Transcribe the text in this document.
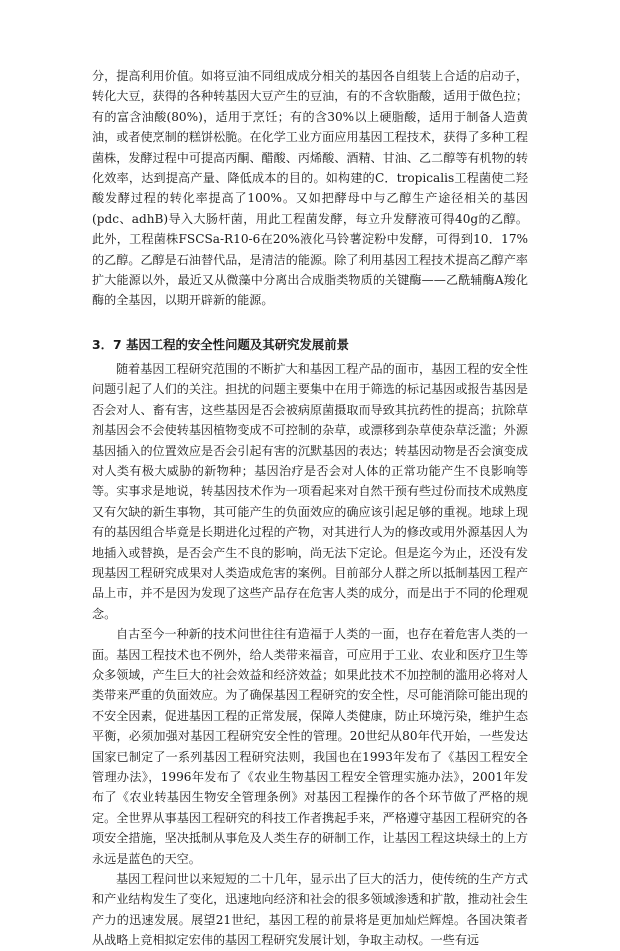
分，提高利用价值。如将豆油不同组成成分相关的基因各自组装上合适的启动子，转化大豆，获得的各种转基因大豆产生的豆油，有的不含软脂酸，适用于做色拉；有的富含油酸(80%)，适用于烹饪；有的含30%以上硬脂酸，适用于制备人造黄油，或者使烹制的糕饼松脆。在化学工业方面应用基因工程技术，获得了多种工程菌株，发酵过程中可提高丙酮、醋酸、丙烯酸、酒精、甘油、乙二醇等有机物的转化效率，达到提高产量、降低成本的目的。如构建的C．tropicalis工程菌使二羟酸发酵过程的转化率提高了100%。又如把酵母中与乙醇生产途径相关的基因(pdc、adhB)导入大肠杆菌，用此工程菌发酵，每立升发酵液可得40g的乙醇。此外，工程菌株FSCSa-R10-6在20%液化马铃薯淀粉中发酵，可得到10．17%的乙醇。乙醇是石油替代品，是清洁的能源。除了利用基因工程技术提高乙醇产率扩大能源以外，最近又从微藻中分离出合成脂类物质的关键酶——乙酰辅酶A羧化酶的全基因，以期开辟新的能源。

3．7 基因工程的安全性问题及其研究发展前景

随着基因工程研究范围的不断扩大和基因工程产品的面市，基因工程的安全性问题引起了人们的关注。担扰的问题主要集中在用于筛选的标记基因或报告基因是否会对人、畜有害，这些基因是否会被病原菌摄取而导致其抗药性的提高；抗除草剂基因会不会使转基因植物变成不可控制的杂草，或漂移到杂草使杂草泛滥；外源基因插入的位置效应是否会引起有害的沉默基因的表达；转基因动物是否会演变成对人类有极大威胁的新物种；基因治疗是否会对人体的正常功能产生不良影响等等。实事求是地说，转基因技术作为一项看起来对自然干预有些过份而技术成熟度又有欠缺的新生事物，其可能产生的负面效应的确应该引起足够的重视。地球上现有的基因组合毕竟是长期进化过程的产物，对其进行人为的修改或用外源基因人为地插入或替换，是否会产生不良的影响，尚无法下定论。但是迄今为止，还没有发现基因工程研究成果对人类造成危害的案例。目前部分人群之所以抵制基因工程产品上市，并不是因为发现了这些产品存在危害人类的成分，而是出于不同的伦理观念。

自古至今一种新的技术问世往往有造福于人类的一面，也存在着危害人类的一面。基因工程技术也不例外，给人类带来福音，可应用于工业、农业和医疗卫生等众多领域，产生巨大的社会效益和经济效益；如果此技术不加控制的滥用必将对人类带来严重的负面效应。为了确保基因工程研究的安全性，尽可能消除可能出现的不安全因素，促进基因工程的正常发展，保障人类健康，防止环境污染，维护生态平衡，必须加强对基因工程研究安全性的管理。20世纪从80年代开始，一些发达国家已制定了一系列基因工程研究法则，我国也在1993年发布了《基因工程安全管理办法》，1996年发布了《农业生物基因工程安全管理实施办法》，2001年发布了《农业转基因生物安全管理条例》对基因工程操作的各个环节做了严格的规定。全世界从事基因工程研究的科技工作者携起手来，严格遵守基因工程研究的各项安全措施，坚决抵制从事危及人类生存的研制工作，让基因工程这块绿土的上方永远是蓝色的天空。

基因工程问世以来短短的二十几年，显示出了巨大的活力，使传统的生产方式和产业结构发生了变化，迅速地向经济和社会的很多领域渗透和扩散，推动社会生产力的迅速发展。展望21世纪，基因工程的前景将是更加灿烂辉煌。各国决策者从战略上竞相拟定宏伟的基因工程研究发展计划，争取主动权。一些有远
